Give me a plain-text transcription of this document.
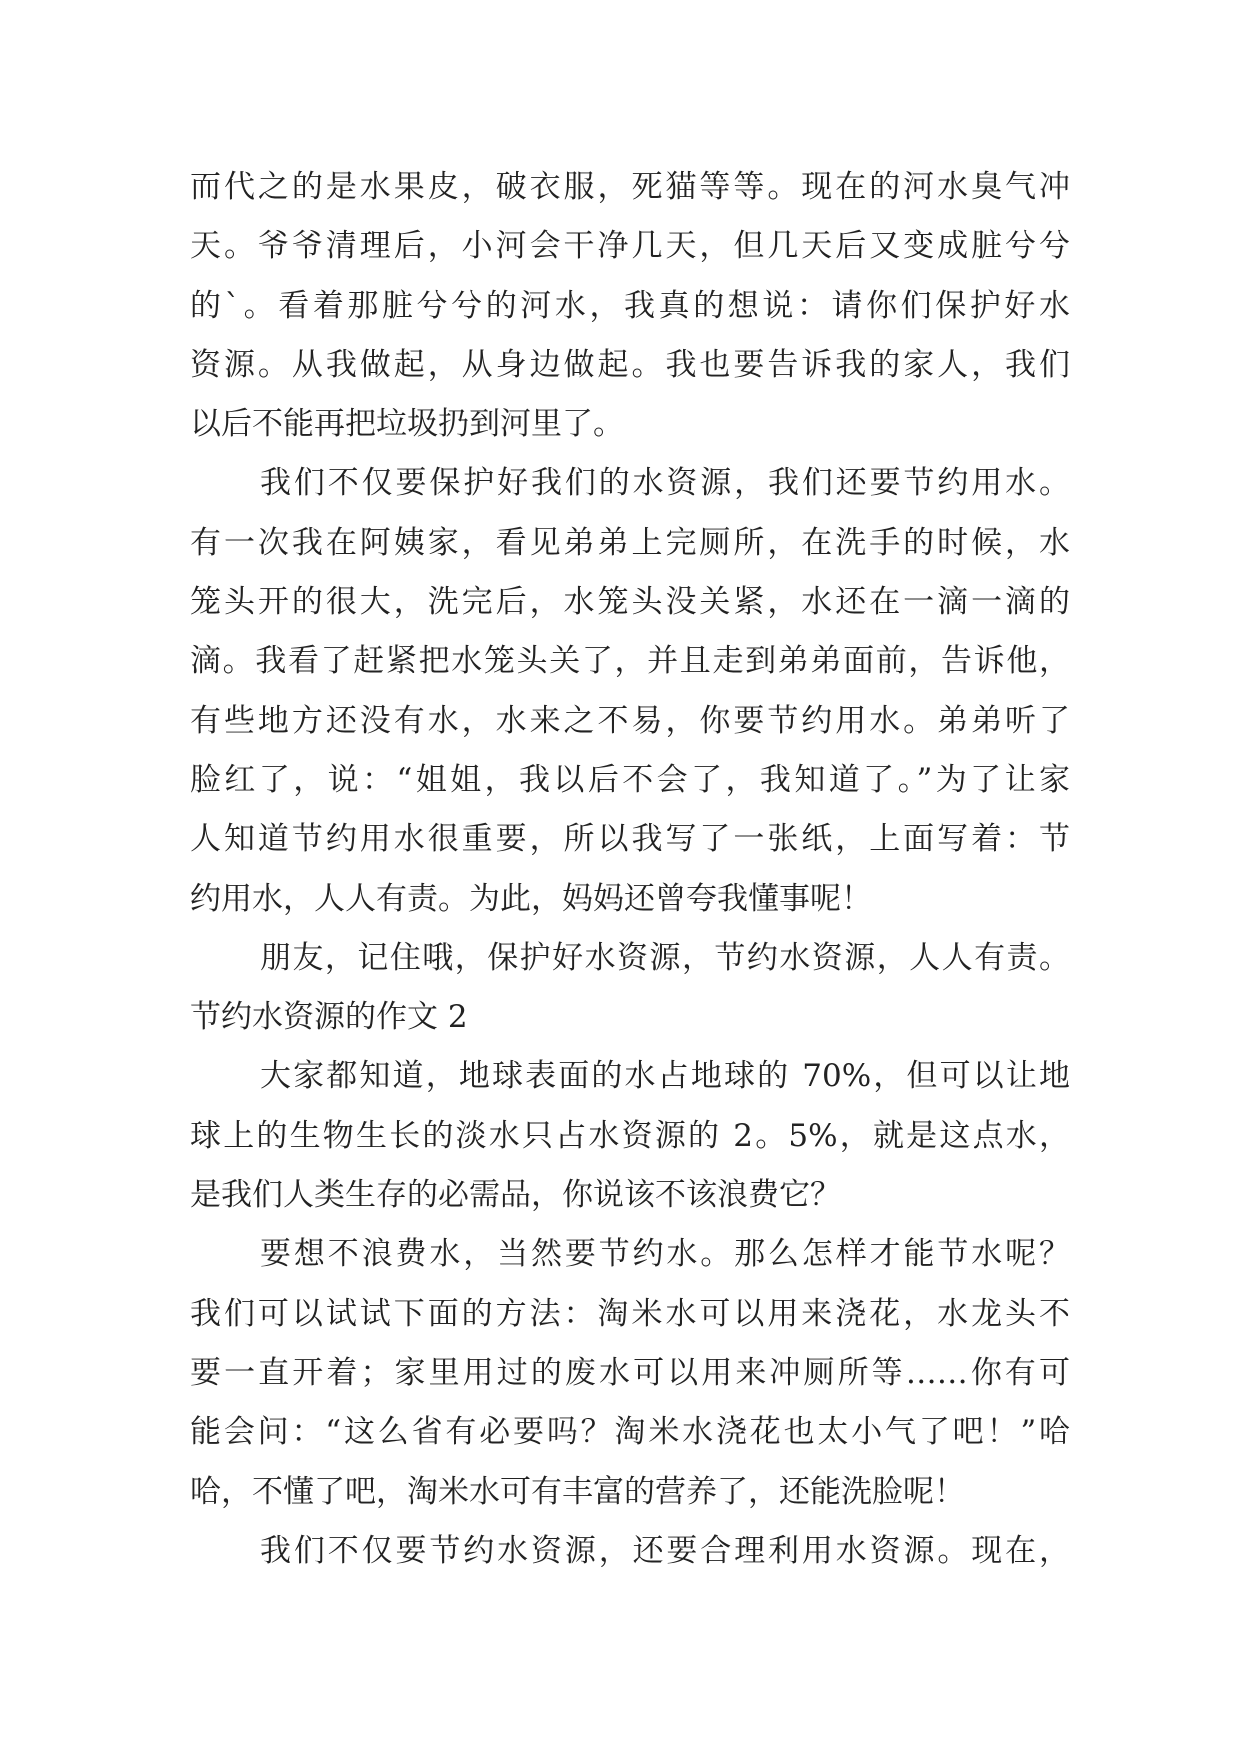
而代之的是水果皮，破衣服，死猫等等。现在的河水臭气冲
天。爷爷清理后，小河会干净几天，但几天后又变成脏兮兮
的`。看着那脏兮兮的河水，我真的想说：请你们保护好水
资源。从我做起，从身边做起。我也要告诉我的家人，我们
以后不能再把垃圾扔到河里了。
我们不仅要保护好我们的水资源，我们还要节约用水。
有一次我在阿姨家，看见弟弟上完厕所，在洗手的时候，水
笼头开的很大，洗完后，水笼头没关紧，水还在一滴一滴的
滴。我看了赶紧把水笼头关了，并且走到弟弟面前，告诉他，
有些地方还没有水，水来之不易，你要节约用水。弟弟听了
脸红了，说：“姐姐，我以后不会了，我知道了。”为了让家
人知道节约用水很重要，所以我写了一张纸，上面写着：节
约用水，人人有责。为此，妈妈还曾夸我懂事呢！
朋友，记住哦，保护好水资源，节约水资源，人人有责。
节约水资源的作文 2
大家都知道，地球表面的水占地球的 70%，但可以让地
球上的生物生长的淡水只占水资源的 2。5%，就是这点水，
是我们人类生存的必需品，你说该不该浪费它？
要想不浪费水，当然要节约水。那么怎样才能节水呢？
我们可以试试下面的方法：淘米水可以用来浇花，水龙头不
要一直开着；家里用过的废水可以用来冲厕所等……你有可
能会问：“这么省有必要吗？淘米水浇花也太小气了吧！”哈
哈，不懂了吧，淘米水可有丰富的营养了，还能洗脸呢！
我们不仅要节约水资源，还要合理利用水资源。现在，
